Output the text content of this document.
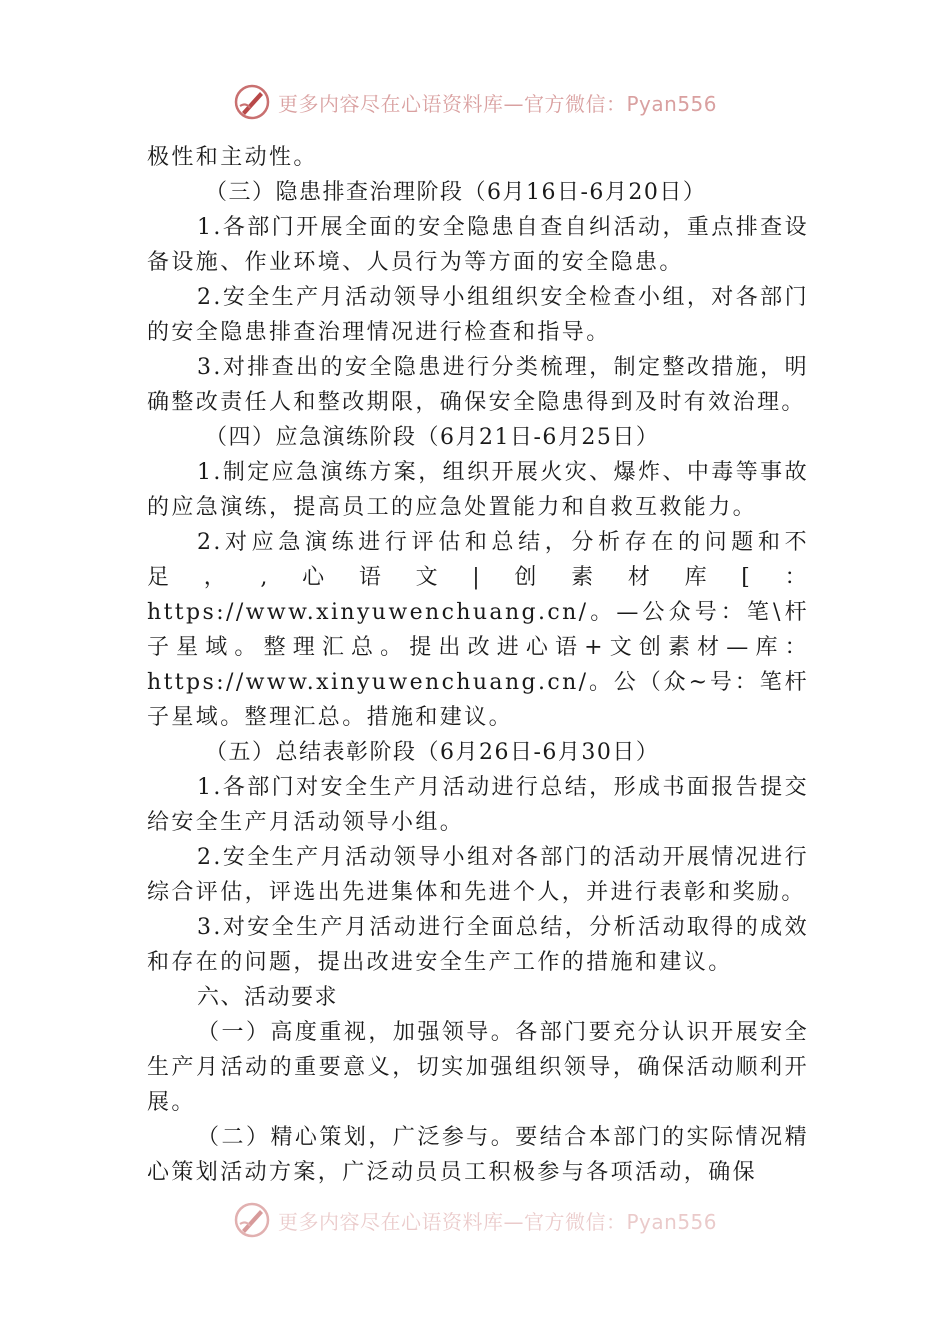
更多内容尽在心语资料库—官方微信：Pyan556

极性和主动性。

（三）隐患排查治理阶段（6月16日-6月20日）

1.各部门开展全面的安全隐患自查自纠活动，重点排查设备设施、作业环境、人员行为等方面的安全隐患。

2.安全生产月活动领导小组组织安全检查小组，对各部门的安全隐患排查治理情况进行检查和指导。

3.对排查出的安全隐患进行分类梳理，制定整改措施，明确整改责任人和整改期限，确保安全隐患得到及时有效治理。

（四）应急演练阶段（6月21日-6月25日）

1.制定应急演练方案，组织开展火灾、爆炸、中毒等事故的应急演练，提高员工的应急处置能力和自救互救能力。

2.对应急演练进行评估和总结，分析存在的问题和不足，,心语文|创素材库[：https://www.xinyuwenchuang.cn/。—公众号：笔\杆子星域。整理汇总。提出改进心语+文创素材—库：https://www.xinyuwenchuang.cn/。公（众~号：笔杆子星域。整理汇总。措施和建议。

（五）总结表彰阶段（6月26日-6月30日）

1.各部门对安全生产月活动进行总结，形成书面报告提交给安全生产月活动领导小组。

2.安全生产月活动领导小组对各部门的活动开展情况进行综合评估，评选出先进集体和先进个人，并进行表彰和奖励。

3.对安全生产月活动进行全面总结，分析活动取得的成效和存在的问题，提出改进安全生产工作的措施和建议。

六、活动要求

（一）高度重视，加强领导。各部门要充分认识开展安全生产月活动的重要意义，切实加强组织领导，确保活动顺利开展。

（二）精心策划，广泛参与。要结合本部门的实际情况精心策划活动方案，广泛动员员工积极参与各项活动，确保

更多内容尽在心语资料库—官方微信：Pyan556
